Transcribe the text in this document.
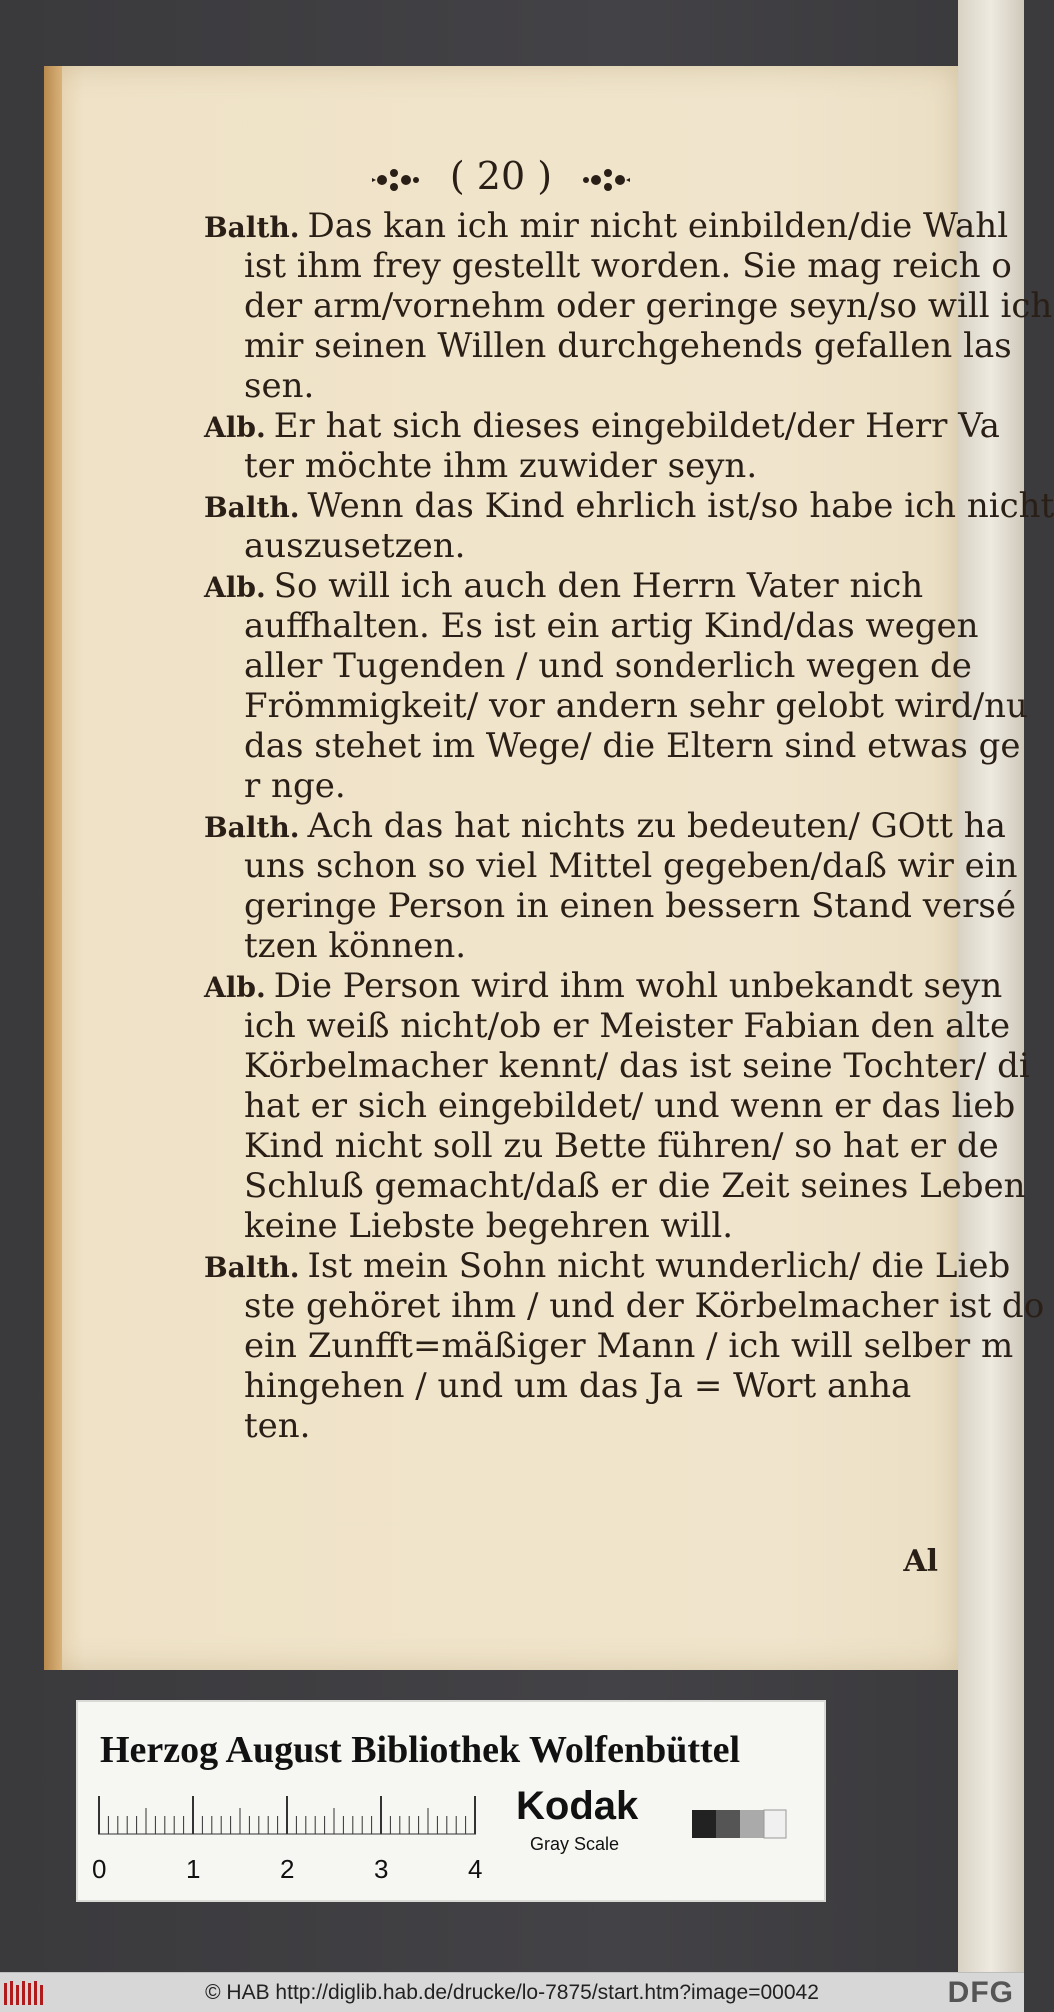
( 20 )
Balth. Das kan ich mir nicht einbilden/die Wahl
ist ihm frey gestellt worden. Sie mag reich o
der arm/vornehm oder geringe seyn/so will ich
mir seinen Willen durchgehends gefallen las
sen.
Alb. Er hat sich dieses eingebildet/der Herr Va
ter möchte ihm zuwider seyn.
Balth. Wenn das Kind ehrlich ist/so habe ich nicht
auszusetzen.
Alb. So will ich auch den Herrn Vater nich
auffhalten. Es ist ein artig Kind/das wegen
aller Tugenden / und sonderlich wegen de
Frömmigkeit/ vor andern sehr gelobt wird/nu
das stehet im Wege/ die Eltern sind etwas ge
r nge.
Balth. Ach das hat nichts zu bedeuten/ GOtt ha
uns schon so viel Mittel gegeben/daß wir ein
geringe Person in einen bessern Stand versé
tzen können.
Alb. Die Person wird ihm wohl unbekandt seyn
ich weiß nicht/ob er Meister Fabian den alte
Körbelmacher kennt/ das ist seine Tochter/ di
hat er sich eingebildet/ und wenn er das lieb
Kind nicht soll zu Bette führen/ so hat er de
Schluß gemacht/daß er die Zeit seines Leben
keine Liebste begehren will.
Balth. Ist mein Sohn nicht wunderlich/ die Lieb
ste gehöret ihm / und der Körbelmacher ist do
ein Zunfft=mäßiger Mann / ich will selber m
hingehen / und um das Ja = Wort anha
ten.
Al
Herzog August Bibliothek Wolfenbüttel
0	1	2	3	4
Kodak
Gray Scale
© HAB http://diglib.hab.de/drucke/lo-7875/start.htm?image=00042	DFG
